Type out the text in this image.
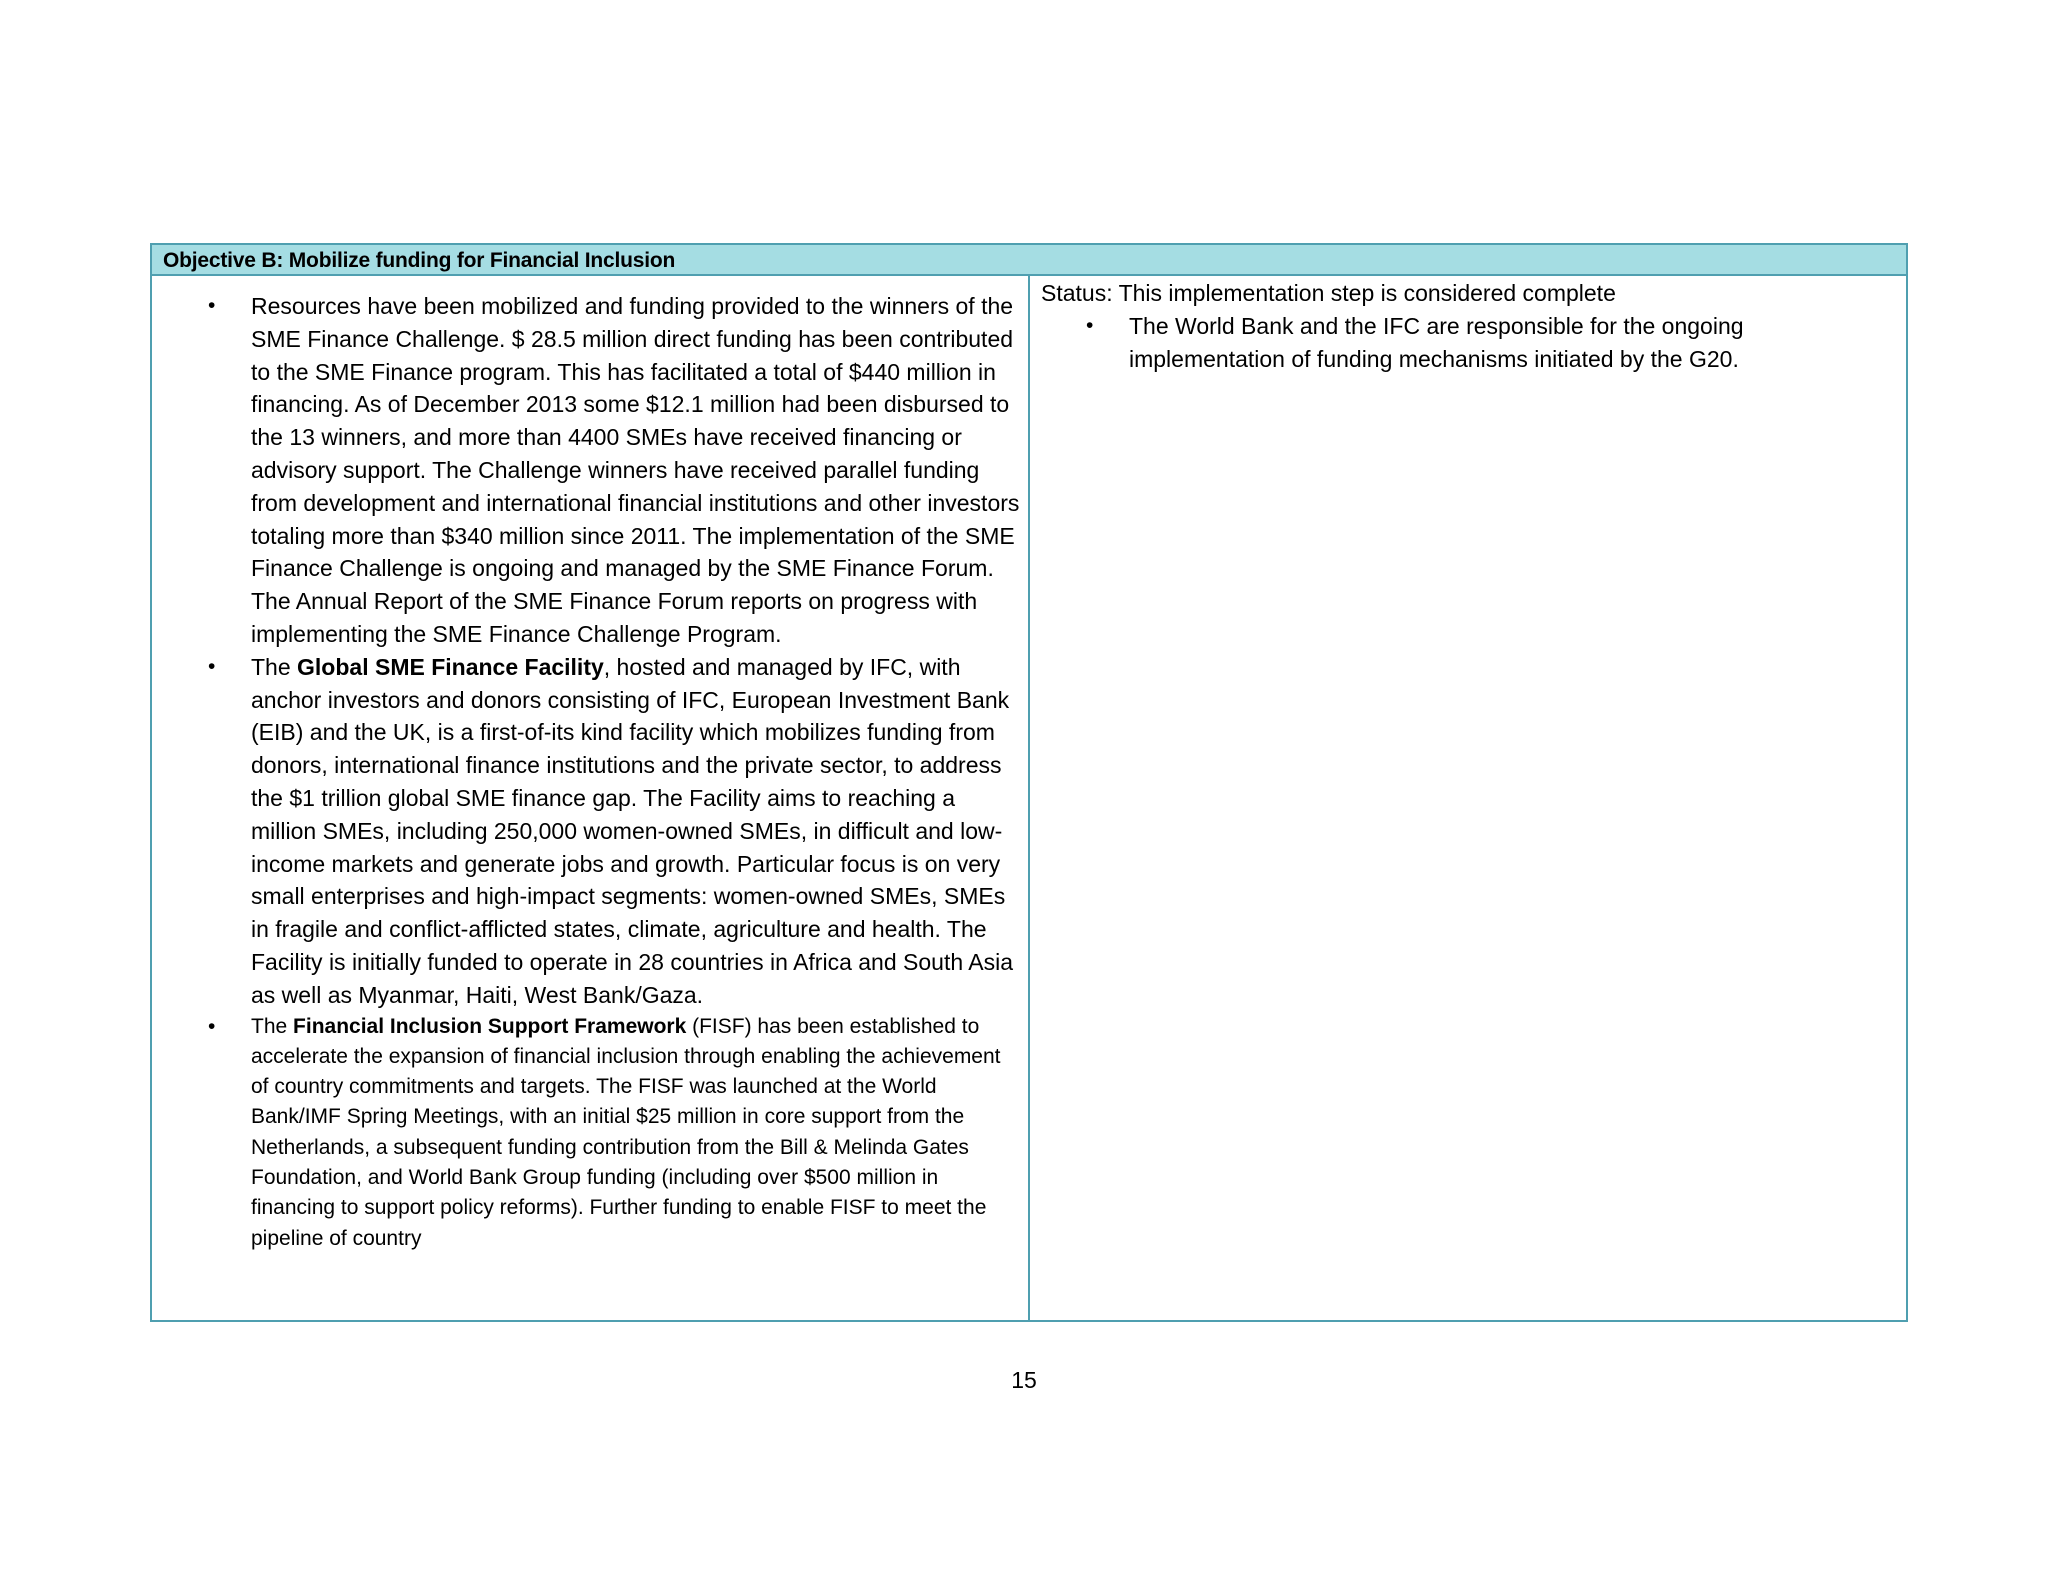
Objective B: Mobilize funding for Financial Inclusion
• Resources have been mobilized and funding provided to the winners of the SME Finance Challenge. $ 28.5 million direct funding has been contributed to the SME Finance program. This has facilitated a total of $440 million in financing. As of December 2013 some $12.1 million had been disbursed to the 13 winners, and more than 4400 SMEs have received financing or advisory support. The Challenge winners have received parallel funding from development and international financial institutions and other investors totaling more than $340 million since 2011. The implementation of the SME Finance Challenge is ongoing and managed by the SME Finance Forum. The Annual Report of the SME Finance Forum reports on progress with implementing the SME Finance Challenge Program.
• The Global SME Finance Facility, hosted and managed by IFC, with anchor investors and donors consisting of IFC, European Investment Bank (EIB) and the UK, is a first-of-its kind facility which mobilizes funding from donors, international finance institutions and the private sector, to address the $1 trillion global SME finance gap. The Facility aims to reaching a million SMEs, including 250,000 women-owned SMEs, in difficult and low-income markets and generate jobs and growth. Particular focus is on very small enterprises and high-impact segments: women-owned SMEs, SMEs in fragile and conflict-afflicted states, climate, agriculture and health. The Facility is initially funded to operate in 28 countries in Africa and South Asia as well as Myanmar, Haiti, West Bank/Gaza.
• The Financial Inclusion Support Framework (FISF) has been established to accelerate the expansion of financial inclusion through enabling the achievement of country commitments and targets. The FISF was launched at the World Bank/IMF Spring Meetings, with an initial $25 million in core support from the Netherlands, a subsequent funding contribution from the Bill & Melinda Gates Foundation, and World Bank Group funding (including over $500 million in financing to support policy reforms). Further funding to enable FISF to meet the pipeline of country
Status: This implementation step is considered complete
• The World Bank and the IFC are responsible for the ongoing implementation of funding mechanisms initiated by the G20.
15
